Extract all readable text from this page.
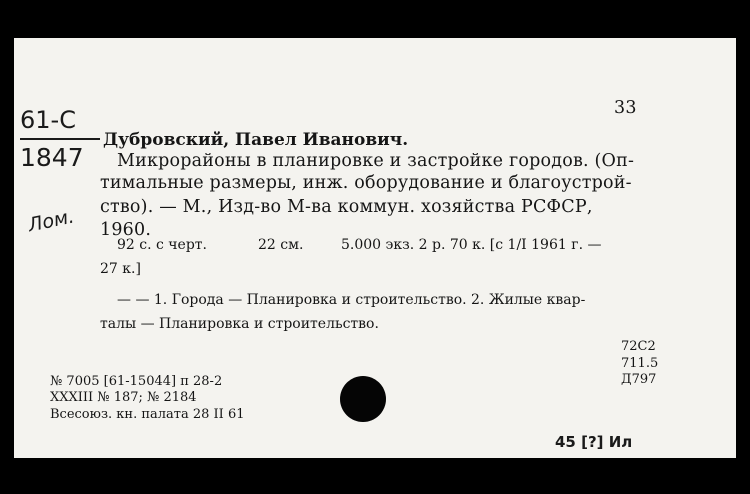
33
61-С
1847
Лом.
Дубровский, Павел Иванович.
Микрорайоны в планировке и застройке городов. (Оп-
тимальные размеры, инж. оборудование и благоустрой-
ство). — М., Изд-во М-ва коммун. хозяйства РСФСР,
1960.
92 с. с черт.	22 см.	5.000 экз. 2 р. 70 к. [с 1/I 1961 г. —
27 к.]
— — 1. Города — Планировка и строительство. 2. Жилые квар-
талы — Планировка и строительство.
№ 7005 [61-15044] п 28-2
XXXIII № 187; № 2184
Всесоюз. кн. палата 28 II 61
72С2
711.5
Д797
45 [?] Ил
